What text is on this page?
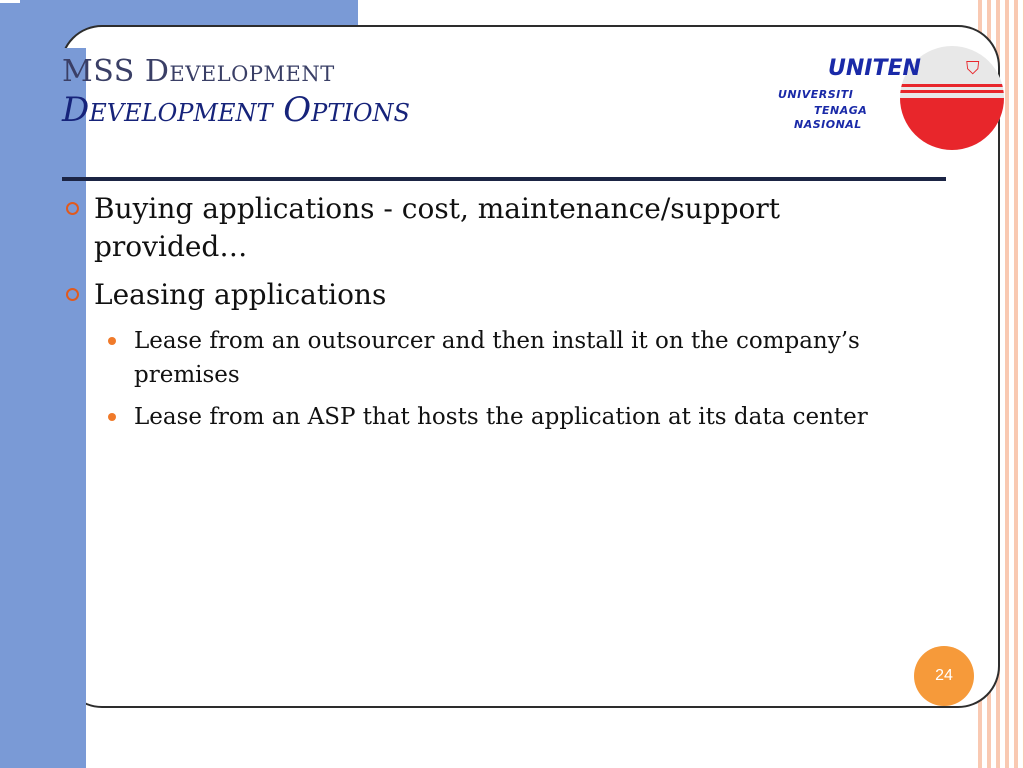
MSS Development
Development Options
UNITEN	⛉
UNIVERSITI
TENAGA
NASIONAL
Buying applications - cost, maintenance/support provided…
Leasing applications
Lease from an outsourcer and then install it on the company’s premises
Lease from an ASP that hosts the application at its data center
24
